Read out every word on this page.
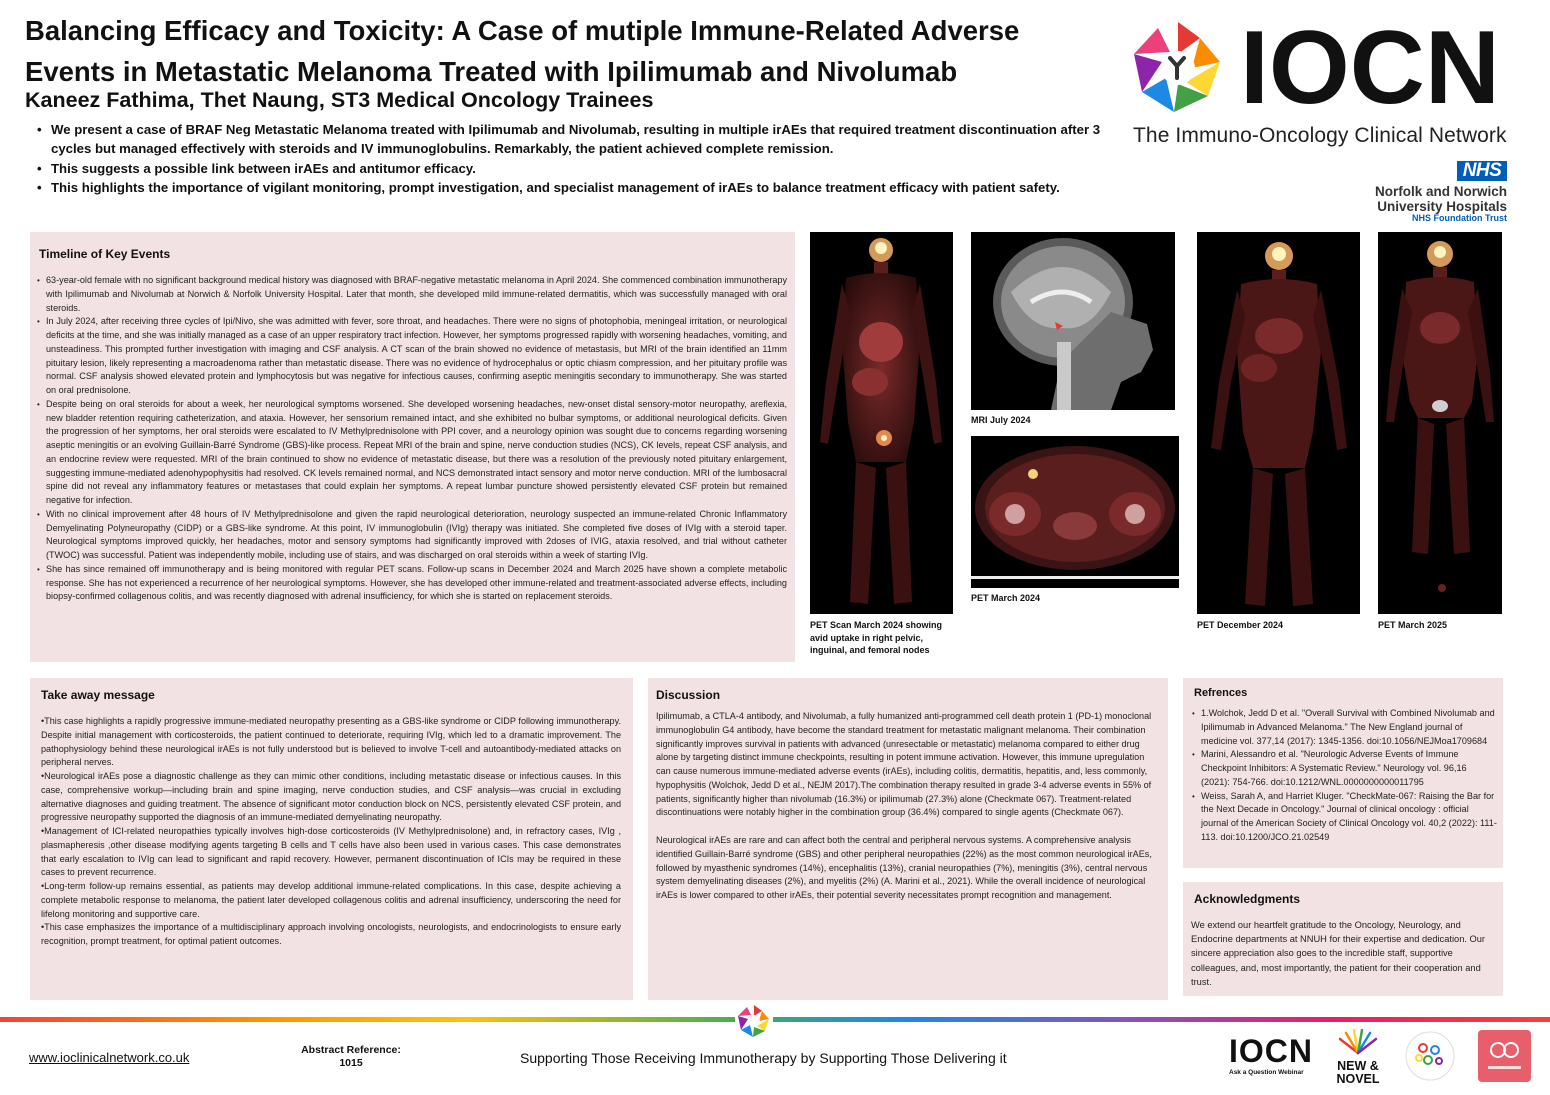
Balancing Efficacy and Toxicity: A Case of mutiple Immune-Related Adverse Events in Metastatic Melanoma Treated with Ipilimumab and Nivolumab
Kaneez Fathima, Thet Naung, ST3 Medical Oncology Trainees
• We present a case of BRAF Neg Metastatic Melanoma treated with Ipilimumab and Nivolumab, resulting in multiple irAEs that required treatment discontinuation after 3 cycles but managed effectively with steroids and IV immunoglobulins. Remarkably, the patient achieved complete remission.
• This suggests a possible link between irAEs and antitumor efficacy.
• This highlights the importance of vigilant monitoring, prompt investigation, and specialist management of irAEs to balance treatment efficacy with patient safety.
IOCN
The Immuno-Oncology Clinical Network
NHS
Norfolk and Norwich University Hospitals
NHS Foundation Trust
Timeline of Key Events
• 63-year-old female with no significant background medical history was diagnosed with BRAF-negative metastatic melanoma in April 2024. She commenced combination immunotherapy with Ipilimumab and Nivolumab at Norwich & Norfolk University Hospital. Later that month, she developed mild immune-related dermatitis, which was successfully managed with oral steroids.
• In July 2024, after receiving three cycles of Ipi/Nivo, she was admitted with fever, sore throat, and headaches. There were no signs of photophobia, meningeal irritation, or neurological deficits at the time, and she was initially managed as a case of an upper respiratory tract infection. However, her symptoms progressed rapidly with worsening headaches, vomiting, and unsteadiness. This prompted further investigation with imaging and CSF analysis. A CT scan of the brain showed no evidence of metastasis, but MRI of the brain identified an 11mm pituitary lesion, likely representing a macroadenoma rather than metastatic disease. There was no evidence of hydrocephalus or optic chiasm compression, and her pituitary profile was normal. CSF analysis showed elevated protein and lymphocytosis but was negative for infectious causes, confirming aseptic meningitis secondary to immunotherapy. She was started on oral prednisolone.
• Despite being on oral steroids for about a week, her neurological symptoms worsened. She developed worsening headaches, new-onset distal sensory-motor neuropathy, areflexia, new bladder retention requiring catheterization, and ataxia. However, her sensorium remained intact, and she exhibited no bulbar symptoms, or additional neurological deficits. Given the progression of her symptoms, her oral steroids were escalated to IV Methylprednisolone with PPI cover, and a neurology opinion was sought due to concerns regarding worsening aseptic meningitis or an evolving Guillain-Barré Syndrome (GBS)-like process. Repeat MRI of the brain and spine, nerve conduction studies (NCS), CK levels, repeat CSF analysis, and an endocrine review were requested. MRI of the brain continued to show no evidence of metastatic disease, but there was a resolution of the previously noted pituitary enlargement, suggesting immune-mediated adenohypophysitis had resolved. CK levels remained normal, and NCS demonstrated intact sensory and motor nerve conduction. MRI of the lumbosacral spine did not reveal any inflammatory features or metastases that could explain her symptoms. A repeat lumbar puncture showed persistently elevated CSF protein but remained negative for infection.
• With no clinical improvement after 48 hours of IV Methylprednisolone and given the rapid neurological deterioration, neurology suspected an immune-related Chronic Inflammatory Demyelinating Polyneuropathy (CIDP) or a GBS-like syndrome. At this point, IV immunoglobulin (IVIg) therapy was initiated. She completed five doses of IVIg with a steroid taper. Neurological symptoms improved quickly, her headaches, motor and sensory symptoms had significantly improved with 2doses of IVIG, ataxia resolved, and trial without catheter (TWOC) was successful. Patient was independently mobile, including use of stairs, and was discharged on oral steroids within a week of starting IVIg.
• She has since remained off immunotherapy and is being monitored with regular PET scans. Follow-up scans in December 2024 and March 2025 have shown a complete metabolic response. She has not experienced a recurrence of her neurological symptoms. However, she has developed other immune-related and treatment-associated adverse effects, including biopsy-confirmed collagenous colitis, and was recently diagnosed with adrenal insufficiency, for which she is started on replacement steroids.
PET Scan March 2024 showing avid uptake in right pelvic, inguinal, and femoral nodes
MRI July 2024
PET March 2024
PET December 2024	PET March 2025
Take away message

•This case highlights a rapidly progressive immune-mediated neuropathy presenting as a GBS-like syndrome or CIDP following immunotherapy. Despite initial management with corticosteroids, the patient continued to deteriorate, requiring IVIg, which led to a dramatic improvement. The pathophysiology behind these neurological irAEs is not fully understood but is believed to involve T-cell and autoantibody-mediated attacks on peripheral nerves.

•Neurological irAEs pose a diagnostic challenge as they can mimic other conditions, including metastatic disease or infectious causes. In this case, comprehensive workup—including brain and spine imaging, nerve conduction studies, and CSF analysis—was crucial in excluding alternative diagnoses and guiding treatment. The absence of significant motor conduction block on NCS, persistently elevated CSF protein, and progressive neuropathy supported the diagnosis of an immune-mediated demyelinating neuropathy.

•Management of ICI-related neuropathies typically involves high-dose corticosteroids (IV Methylprednisolone) and, in refractory cases, IVIg , plasmapheresis ,other disease modifying agents targeting B cells and T cells have also been used in various cases. This case demonstrates that early escalation to IVIg can lead to significant and rapid recovery. However, permanent discontinuation of ICIs may be required in these cases to prevent recurrence.

•Long-term follow-up remains essential, as patients may develop additional immune-related complications. In this case, despite achieving a complete metabolic response to melanoma, the patient later developed collagenous colitis and adrenal insufficiency, underscoring the need for lifelong monitoring and supportive care.

•This case emphasizes the importance of a multidisciplinary approach involving oncologists, neurologists, and endocrinologists to ensure early recognition, prompt treatment, for optimal patient outcomes.

Discussion

Ipilimumab, a CTLA-4 antibody, and Nivolumab, a fully humanized anti-programmed cell death protein 1 (PD-1) monoclonal immunoglobulin G4 antibody, have become the standard treatment for metastatic malignant melanoma. Their combination significantly improves survival in patients with advanced (unresectable or metastatic) melanoma compared to either drug alone by targeting distinct immune checkpoints, resulting in potent immune activation. However, this immune upregulation can cause numerous immune-mediated adverse events (irAEs), including colitis, dermatitis, hepatitis, and, less commonly, hypophysitis (Wolchok, Jedd D et al., NEJM 2017).The combination therapy resulted in grade 3-4 adverse events in 55% of patients, significantly higher than nivolumab (16.3%) or ipilimumab (27.3%) alone (Checkmate 067). Treatment-related discontinuations were notably higher in the combination group (36.4%) compared to single agents (Checkmate 067).

Neurological irAEs are rare and can affect both the central and peripheral nervous systems. A comprehensive analysis identified Guillain-Barré syndrome (GBS) and other peripheral neuropathies (22%) as the most common neurological irAEs, followed by myasthenic syndromes (14%), encephalitis (13%), cranial neuropathies (7%), meningitis (3%), central nervous system demyelinating diseases (2%), and myelitis (2%) (A. Marini et al., 2021). While the overall incidence of neurological irAEs is lower compared to other irAEs, their potential severity necessitates prompt recognition and management.

Refrences
• 1.Wolchok, Jedd D et al. "Overall Survival with Combined Nivolumab and Ipilimumab in Advanced Melanoma." The New England journal of medicine vol. 377,14 (2017): 1345-1356. doi:10.1056/NEJMoa1709684
• Marini, Alessandro et al. "Neurologic Adverse Events of Immune Checkpoint Inhibitors: A Systematic Review." Neurology vol. 96,16 (2021): 754-766. doi:10.1212/WNL.0000000000011795
• Weiss, Sarah A, and Harriet Kluger. "CheckMate-067: Raising the Bar for the Next Decade in Oncology." Journal of clinical oncology : official journal of the American Society of Clinical Oncology vol. 40,2 (2022): 111-113. doi:10.1200/JCO.21.02549
Acknowledgments
We extend our heartfelt gratitude to the Oncology, Neurology, and Endocrine departments at NNUH for their expertise and dedication. Our sincere appreciation also goes to the incredible staff, supportive colleagues, and, most importantly, the patient for their cooperation and trust.
www.ioclinicalnetwork.co.uk	Abstract Reference:
1015	Supporting Those Receiving Immunotherapy by Supporting Those Delivering it	IOCN
Ask a Question Webinar	NEW &
NOVEL
